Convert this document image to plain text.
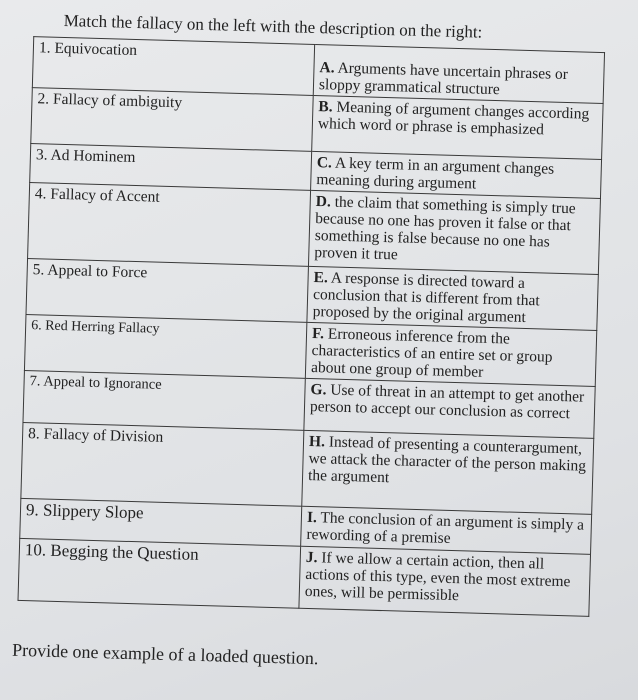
Match the fallacy on the left with the description on the right:
1. Equivocation	A. Arguments have uncertain phrases or sloppy grammatical structure

2. Fallacy of ambiguity	B. Meaning of argument changes according which word or phrase is emphasized

3. Ad Hominem	C. A key term in an argument changes meaning during argument

4. Fallacy of Accent	D. the claim that something is simply true because no one has proven it false or that something is false because no one has proven it true

5. Appeal to Force	E. A response is directed toward a conclusion that is different from that proposed by the original argument

6. Red Herring Fallacy	F. Erroneous inference from the characteristics of an entire set or group about one group of member

7. Appeal to Ignorance	G. Use of threat in an attempt to get another person to accept our conclusion as correct

8. Fallacy of Division	H. Instead of presenting a counterargument, we attack the character of the person making the argument

9. Slippery Slope	I. The conclusion of an argument is simply a rewording of a premise

10. Begging the Question	J. If we allow a certain action, then all actions of this type, even the most extreme ones, will be permissible
Provide one example of a loaded question.
